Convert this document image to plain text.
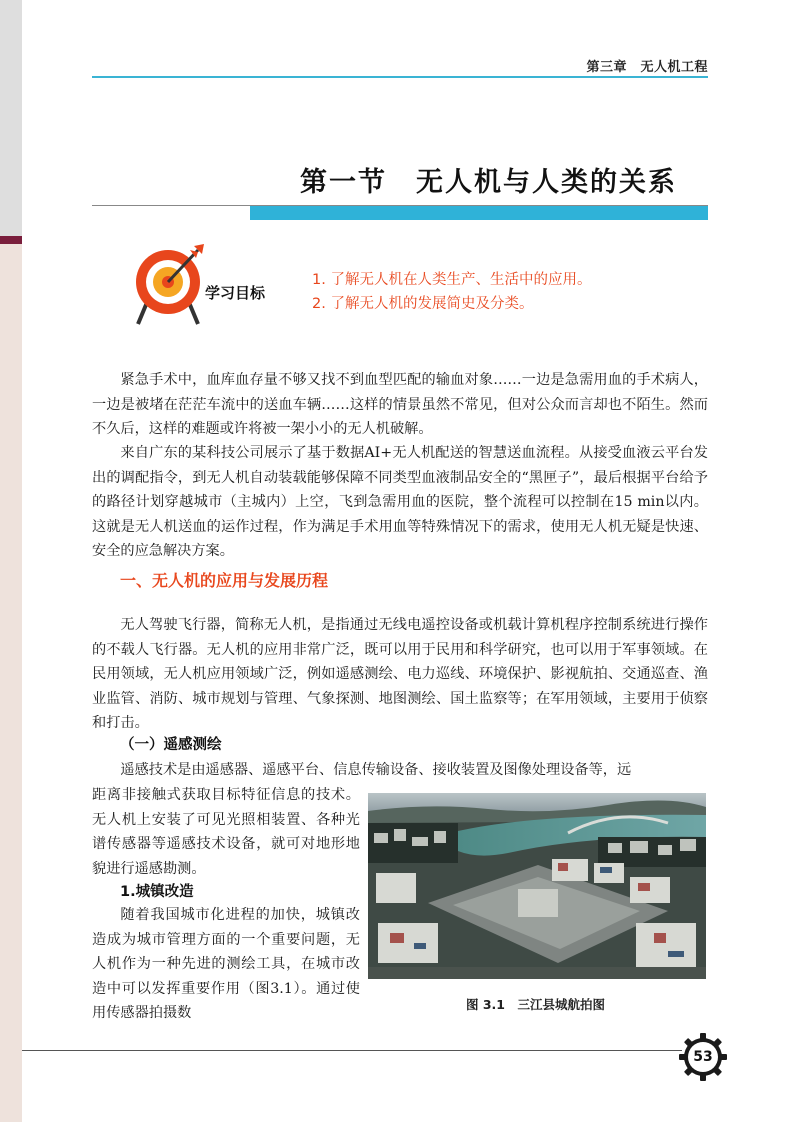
第三章　无人机工程
第一节　无人机与人类的关系
学习目标
1. 了解无人机在人类生产、生活中的应用。
2. 了解无人机的发展简史及分类。

紧急手术中，血库血存量不够又找不到血型匹配的输血对象……一边是急需用血的手术病人，一边是被堵在茫茫车流中的送血车辆……这样的情景虽然不常见，但对公众而言却也不陌生。然而不久后，这样的难题或许将被一架小小的无人机破解。

来自广东的某科技公司展示了基于数据AI+无人机配送的智慧送血流程。从接受血液云平台发出的调配指令，到无人机自动装载能够保障不同类型血液制品安全的“黑匣子”，最后根据平台给予的路径计划穿越城市（主城内）上空，飞到急需用血的医院，整个流程可以控制在15 min以内。这就是无人机送血的运作过程，作为满足手术用血等特殊情况下的需求，使用无人机无疑是快速、安全的应急解决方案。

一、无人机的应用与发展历程

无人驾驶飞行器，简称无人机，是指通过无线电遥控设备或机载计算机程序控制系统进行操作的不载人飞行器。无人机的应用非常广泛，既可以用于民用和科学研究，也可以用于军事领域。在民用领域，无人机应用领域广泛，例如遥感测绘、电力巡线、环境保护、影视航拍、交通巡查、渔业监管、消防、城市规划与管理、气象探测、地图测绘、国土监察等；在军用领域，主要用于侦察和打击。

（一）遥感测绘

遥感技术是由遥感器、遥感平台、信息传输设备、接收装置及图像处理设备等，远

距离非接触式获取目标特征信息的技术。无人机上安装了可见光照相装置、各种光谱传感器等遥感技术设备，就可对地形地貌进行遥感勘测。

1.城镇改造

随着我国城市化进程的加快，城镇改造成为城市管理方面的一个重要问题，无人机作为一种先进的测绘工具，在城市改造中可以发挥重要作用（图3.1）。通过使用传感器拍摄数

图 3.1　三江县城航拍图
53
